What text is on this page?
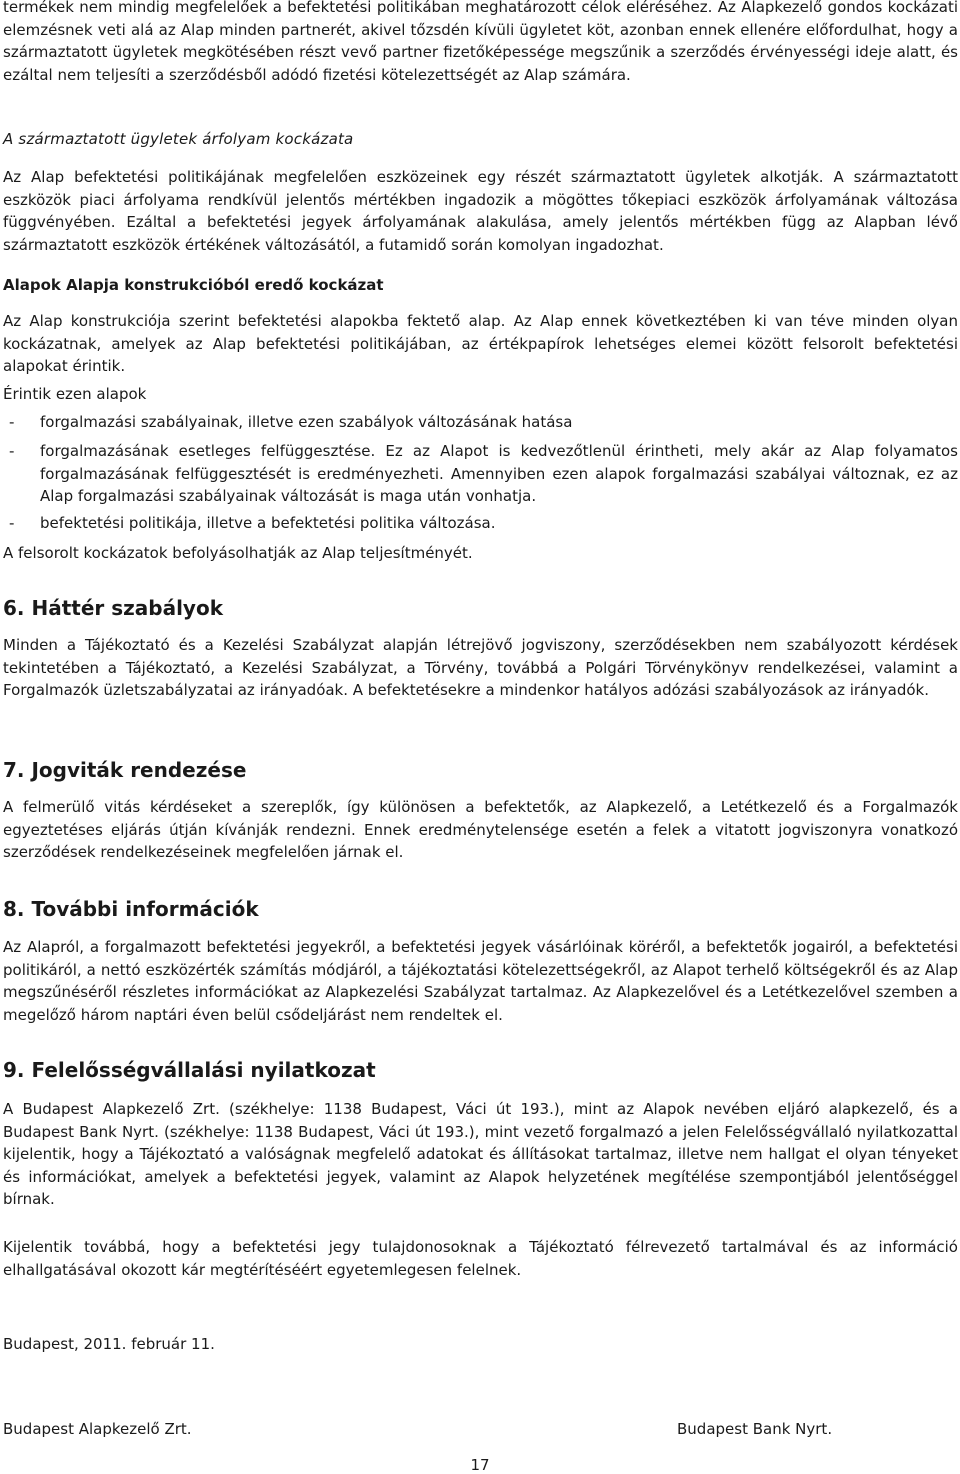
termékek nem mindig megfelelőek a befektetési politikában meghatározott célok eléréséhez. Az Alapkezelő gondos kockázati elemzésnek veti alá az Alap minden partnerét, akivel tőzsdén kívüli ügyletet köt, azonban ennek ellenére előfordulhat, hogy a származtatott ügyletek megkötésében részt vevő partner fizetőképessége megszűnik a szerződés érvényességi ideje alatt, és ezáltal nem teljesíti a szerződésből adódó fizetési kötelezettségét az Alap számára.

A származtatott ügyletek árfolyam kockázata

Az Alap befektetési politikájának megfelelően eszközeinek egy részét származtatott ügyletek alkotják. A származtatott eszközök piaci árfolyama rendkívül jelentős mértékben ingadozik a mögöttes tőkepiaci eszközök árfolyamának változása függvényében. Ezáltal a befektetési jegyek árfolyamának alakulása, amely jelentős mértékben függ az Alapban lévő származtatott eszközök értékének változásától, a futamidő során komolyan ingadozhat.

Alapok Alapja konstrukcióból eredő kockázat

Az Alap konstrukciója szerint befektetési alapokba fektető alap. Az Alap ennek következtében ki van téve minden olyan kockázatnak, amelyek az Alap befektetési politikájában, az értékpapírok lehetséges elemei között felsorolt befektetési alapokat érintik.

Érintik ezen alapok

- forgalmazási szabályainak, illetve ezen szabályok változásának hatása
- forgalmazásának esetleges felfüggesztése. Ez az Alapot is kedvezőtlenül érintheti, mely akár az Alap folyamatos forgalmazásának felfüggesztését is eredményezheti. Amennyiben ezen alapok forgalmazási szabályai változnak, ez az Alap forgalmazási szabályainak változását is maga után vonhatja.
- befektetési politikája, illetve a befektetési politika változása.

A felsorolt kockázatok befolyásolhatják az Alap teljesítményét.

6. Háttér szabályok

Minden a Tájékoztató és a Kezelési Szabályzat alapján létrejövő jogviszony, szerződésekben nem szabályozott kérdések tekintetében a Tájékoztató, a Kezelési Szabályzat, a Törvény, továbbá a Polgári Törvénykönyv rendelkezései, valamint a Forgalmazók üzletszabályzatai az irányadóak. A befektetésekre a mindenkor hatályos adózási szabályozások az irányadók.

7. Jogviták rendezése

A felmerülő vitás kérdéseket a szereplők, így különösen a befektetők, az Alapkezelő, a Letétkezelő és a Forgalmazók egyeztetéses eljárás útján kívánják rendezni. Ennek eredménytelensége esetén a felek a vitatott jogviszonyra vonatkozó szerződések rendelkezéseinek megfelelően járnak el.

8. További információk

Az Alapról, a forgalmazott befektetési jegyekről, a befektetési jegyek vásárlóinak köréről, a befektetők jogairól, a befektetési politikáról, a nettó eszközérték számítás módjáról, a tájékoztatási kötelezettségekről, az Alapot terhelő költségekről és az Alap megszűnéséről részletes információkat az Alapkezelési Szabályzat tartalmaz. Az Alapkezelővel és a Letétkezelővel szemben a megelőző három naptári éven belül csődeljárást nem rendeltek el.

9. Felelősségvállalási nyilatkozat

A Budapest Alapkezelő Zrt. (székhelye: 1138 Budapest, Váci út 193.), mint az Alapok nevében eljáró alapkezelő, és a Budapest Bank Nyrt. (székhelye: 1138 Budapest, Váci út 193.), mint vezető forgalmazó a jelen Felelősségvállaló nyilatkozattal kijelentik, hogy a Tájékoztató a valóságnak megfelelő adatokat és állításokat tartalmaz, illetve nem hallgat el olyan tényeket és információkat, amelyek a befektetési jegyek, valamint az Alapok helyzetének megítélése szempontjából jelentőséggel bírnak.

Kijelentik továbbá, hogy a befektetési jegy tulajdonosoknak a Tájékoztató félrevezető tartalmával és az információ elhallgatásával okozott kár megtérítéséért egyetemlegesen felelnek.

Budapest, 2011. február 11.

Budapest Alapkezelő Zrt.	Budapest Bank Nyrt.

17
